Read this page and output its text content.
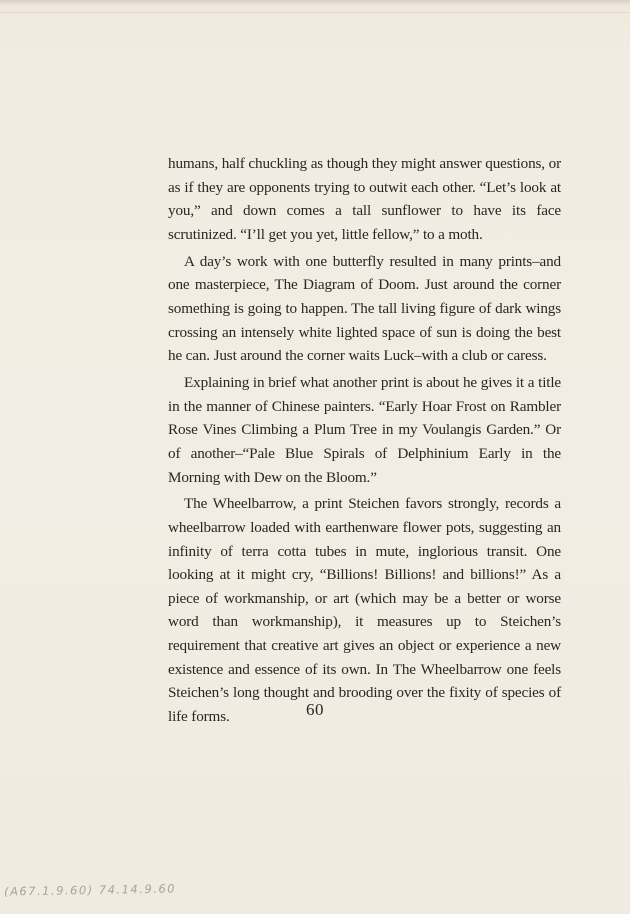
humans, half chuckling as though they might answer questions, or as if they are opponents trying to outwit each other. “Let’s look at you,” and down comes a tall sunflower to have its face scrutinized. “I’ll get you yet, little fellow,” to a moth.

A day’s work with one butterfly resulted in many prints–and one masterpiece, The Diagram of Doom. Just around the corner something is going to happen. The tall living figure of dark wings crossing an intensely white lighted space of sun is doing the best he can. Just around the corner waits Luck–with a club or caress.

Explaining in brief what another print is about he gives it a title in the manner of Chinese painters. “Early Hoar Frost on Rambler Rose Vines Climbing a Plum Tree in my Voulangis Garden.” Or of another–“Pale Blue Spirals of Delphinium Early in the Morning with Dew on the Bloom.”

The Wheelbarrow, a print Steichen favors strongly, records a wheelbarrow loaded with earthenware flower pots, suggesting an infinity of terra cotta tubes in mute, inglorious transit. One looking at it might cry, “Billions! Billions! and billions!” As a piece of workmanship, or art (which may be a better or worse word than workmanship), it measures up to Steichen’s requirement that creative art gives an object or experience a new existence and essence of its own. In The Wheelbarrow one feels Steichen’s long thought and brooding over the fixity of species of life forms.	60
(A67.1.9.60) 74.14.9.60
